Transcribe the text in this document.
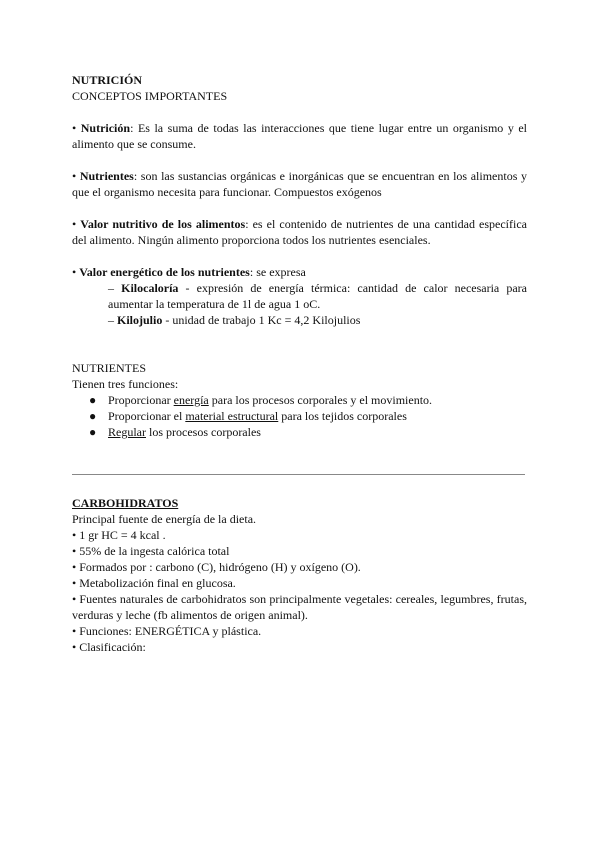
NUTRICIÓN

CONCEPTOS IMPORTANTES

• Nutrición: Es la suma de todas las interacciones que tiene lugar entre un organismo y el alimento que se consume.

• Nutrientes: son las sustancias orgánicas e inorgánicas que se encuentran en los alimentos y que el organismo necesita para funcionar. Compuestos exógenos

• Valor nutritivo de los alimentos: es el contenido de nutrientes de una cantidad específica del alimento. Ningún alimento proporciona todos los nutrientes esenciales.

• Valor energético de los nutrientes: se expresa

– Kilocaloría - expresión de energía térmica: cantidad de calor necesaria para aumentar la temperatura de 1l de agua 1 oC.

– Kilojulio - unidad de trabajo 1 Kc = 4,2 Kilojulios

NUTRIENTES

Tienen tres funciones:

● Proporcionar energía para los procesos corporales y el movimiento.
● Proporcionar el material estructural para los tejidos corporales
● Regular los procesos corporales

CARBOHIDRATOS

Principal fuente de energía de la dieta.

• 1 gr HC = 4 kcal .

• 55% de la ingesta calórica total

• Formados por : carbono (C), hidrógeno (H) y oxígeno (O).

• Metabolización final en glucosa.

• Fuentes naturales de carbohidratos son principalmente vegetales: cereales, legumbres, frutas, verduras y leche (fb alimentos de origen animal).

• Funciones: ENERGÉTICA y plástica.

• Clasificación:
